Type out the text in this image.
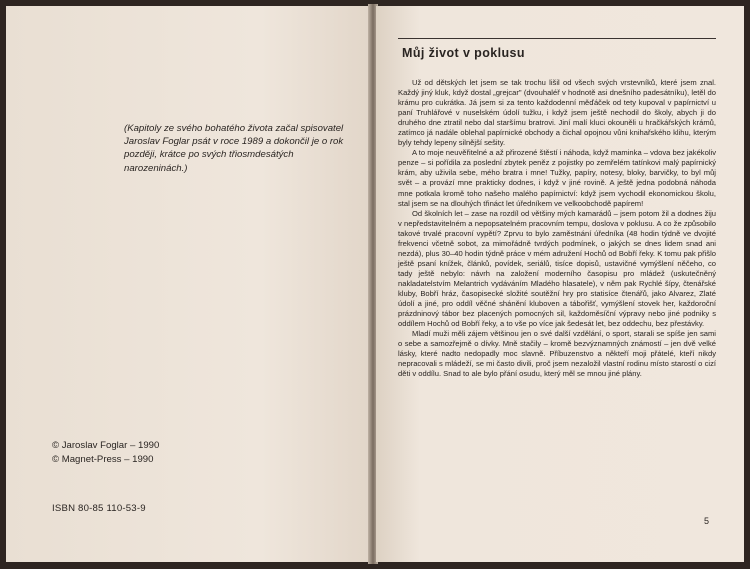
(Kapitoly ze svého bohatého života začal spisovatel Jaroslav Foglar psát v roce 1989 a dokončil je o rok později, krátce po svých třiosmdesátých narozeninách.)

© Jaroslav Foglar – 1990
© Magnet-Press – 1990
ISBN 80-85 110-53-9
Můj život v poklusu

Už od dětských let jsem se tak trochu lišil od všech svých vrstevníků, které jsem znal. Každý jiný kluk, když dostal „grejcar" (dvouhaléř v hodnotě asi dnešního padesátníku), letěl do krámu pro cukrátka. Já jsem si za tento každodenní měďáček od tety kupoval v papírnictví u paní Truhlářové v nuselském údolí tužku, i když jsem ještě nechodil do školy, abych ji do druhého dne ztratil nebo dal staršímu bratrovi. Jiní malí kluci okouněli u hračkářských krámů, zatímco já nadále oblehal papírnické obchody a čichal opojnou vůni knihařského klihu, kterým byly tehdy lepeny silnější sešity.

A to moje neuvěřitelné a až přirozené štěstí i náhoda, když maminka – vdova bez jakékoliv penze – si pořídila za poslední zbytek peněz z pojistky po zemřelém tatínkovi malý papírnický krám, aby uživila sebe, mého bratra i mne! Tužky, papíry, notesy, bloky, barvičky, to byl můj svět – a provází mne prakticky dodnes, i když v jiné rovině. A ještě jedna podobná náhoda mne potkala kromě toho našeho malého papírnictví: když jsem vychodil ekonomickou školu, stal jsem se na dlouhých třináct let úředníkem ve velkoobchodě papírem!

Od školních let – zase na rozdíl od většiny mých kamarádů – jsem potom žil a dodnes žiju v nepředstavitelném a nepopsatelném pracovním tempu, doslova v poklusu. A co že způsobilo takové trvalé pracovní vypětí? Zprvu to bylo zaměstnání úředníka (48 hodin týdně ve dvojité frekvenci včetně sobot, za mimořádně tvrdých podmínek, o jakých se dnes lidem snad ani nezdá), plus 30–40 hodin týdně práce v mém adružení Hochů od Bobří řeky. K tomu pak přišlo ještě psaní knížek, článků, povídek, seriálů, tisíce dopisů, ustavičné vymýšlení něčeho, co tady ještě nebylo: návrh na založení moderního časopisu pro mládež (uskutečněný nakladatelstvím Melantrich vydáváním Mladého hlasatele), v něm pak Rychlé šípy, čtenářské kluby, Bobří hráz, časopisecké složité soutěžní hry pro statisíce čtenářů, jako Alvarez, Zlaté údolí a jiné, pro oddíl věčné shánění kluboven a tábořišť, vymýšlení stovek her, každoroční prázdninový tábor bez placených pomocných sil, každoměsíční výpravy nebo jiné podniky s oddílem Hochů od Bobří řeky, a to vše po více jak šedesát let, bez oddechu, bez přestávky.

Mladí muži měli zájem většinou jen o své další vzdělání, o sport, starali se spíše jen sami o sebe a samozřejmě o dívky. Mně stačily – kromě bezvýznamných známostí – jen dvě velké lásky, které nadto nedopadly moc slavně. Příbuzenstvo a někteří moji přátelé, kteří nikdy nepracovali s mládeží, se mi často divili, proč jsem nezaložil vlastní rodinu místo starostí o cizí děti v oddílu. Snad to ale bylo přání osudu, který měl se mnou jiné plány.

5
